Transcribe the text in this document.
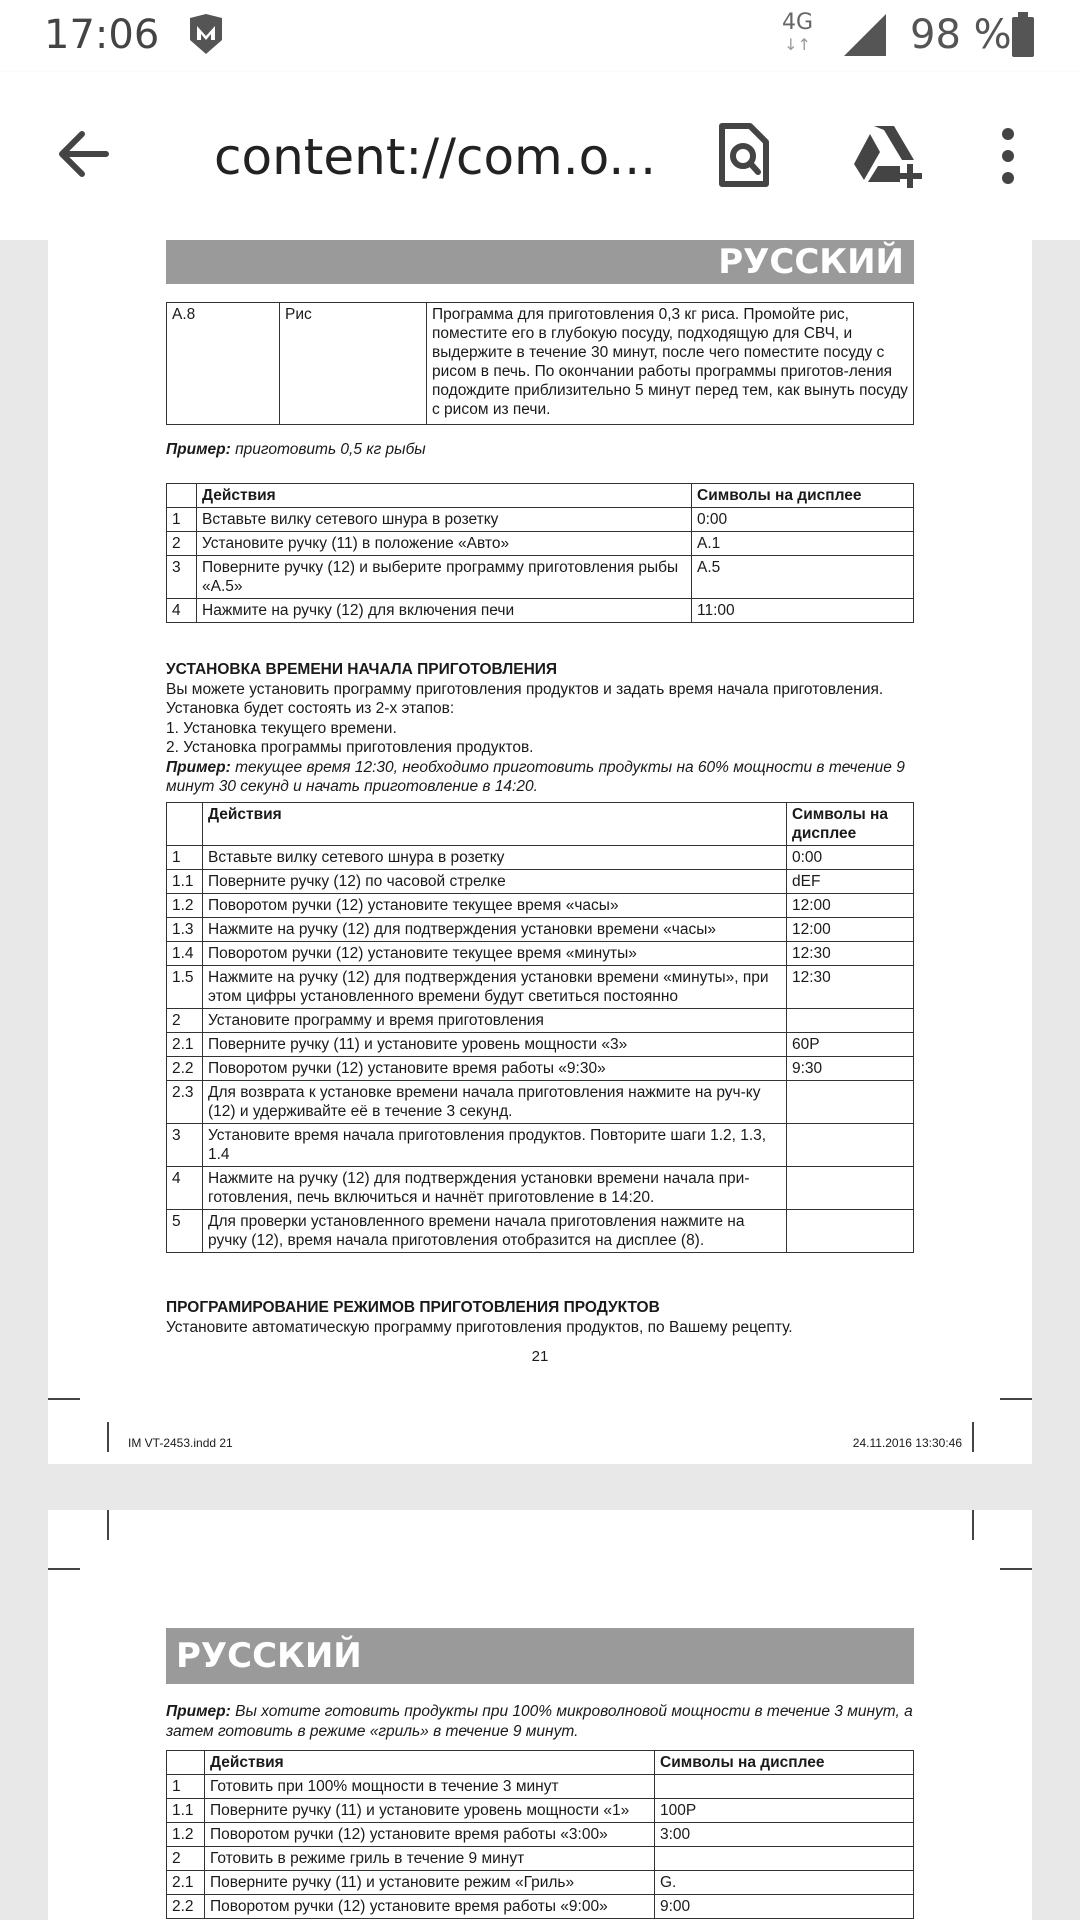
17:06	4G
↓↑ 98 %
content://com.o...
РУССКИЙ
A.8	Рис	Программа для приготовления 0,3 кг риса. Промойте рис, поместите его в глубокую посуду, подходящую для СВЧ, и выдержите в течение 30 минут, после чего поместите посуду с рисом в печь. По окончании работы программы приготов-ления подождите приблизительно 5 минут перед тем, как вынуть посуду с рисом из печи.
Пример: приготовить 0,5 кг рыбы
	Действия	Символы на дисплее
1	Вставьте вилку сетевого шнура в розетку	0:00
2	Установите ручку (11) в положение «Авто»	A.1
3	Поверните ручку (12) и выберите программу приготовления рыбы «A.5»	A.5
4	Нажмите на ручку (12) для включения печи	11:00
УСТАНОВКА ВРЕМЕНИ НАЧАЛА ПРИГОТОВЛЕНИЯ
Вы можете установить программу приготовления продуктов и задать время начала приготовления.
Установка будет состоять из 2-х этапов:
1. Установка текущего времени.
2. Установка программы приготовления продуктов.
Пример: текущее время 12:30, необходимо приготовить продукты на 60% мощности в течение 9 минут 30 секунд и начать приготовление в 14:20.
	Действия	Символы на дисплее
1	Вставьте вилку сетевого шнура в розетку	0:00
1.1	Поверните ручку (12) по часовой стрелке	dEF
1.2	Поворотом ручки (12) установите текущее время «часы»	12:00
1.3	Нажмите на ручку (12) для подтверждения установки времени «часы»	12:00
1.4	Поворотом ручки (12) установите текущее время «минуты»	12:30
1.5	Нажмите на ручку (12) для подтверждения установки времени «минуты», при этом цифры установленного времени будут светиться постоянно	12:30
2	Установите программу и время приготовления	
2.1	Поверните ручку (11) и установите уровень мощности «3»	60P
2.2	Поворотом ручки (12) установите время работы «9:30»	9:30
2.3	Для возврата к установке времени начала приготовления нажмите на руч-ку (12) и удерживайте её в течение 3 секунд.	
3	Установите время начала приготовления продуктов. Повторите шаги 1.2, 1.3, 1.4	
4	Нажмите на ручку (12) для подтверждения установки времени начала при-готовления, печь включиться и начнёт приготовление в 14:20.	
5	Для проверки установленного времени начала приготовления нажмите на ручку (12), время начала приготовления отобразится на дисплее (8).	
ПРОГРАМИРОВАНИЕ РЕЖИМОВ ПРИГОТОВЛЕНИЯ ПРОДУКТОВ
Установите автоматическую программу приготовления продуктов, по Вашему рецепту.
21
IM VT-2453.indd 21	24.11.2016 13:30:46
РУССКИЙ
Пример: Вы хотите готовить продукты при 100% микроволновой мощности в течение 3 минут, а затем готовить в режиме «гриль» в течение 9 минут.
	Действия	Символы на дисплее
1	Готовить при 100% мощности в течение 3 минут	
1.1	Поверните ручку (11) и установите уровень мощности «1»	100P
1.2	Поворотом ручки (12) установите время работы «3:00»	3:00
2	Готовить в режиме гриль в течение 9 минут	
2.1	Поверните ручку (11) и установите режим «Гриль»	G.
2.2	Поворотом ручки (12) установите время работы «9:00»	9:00
